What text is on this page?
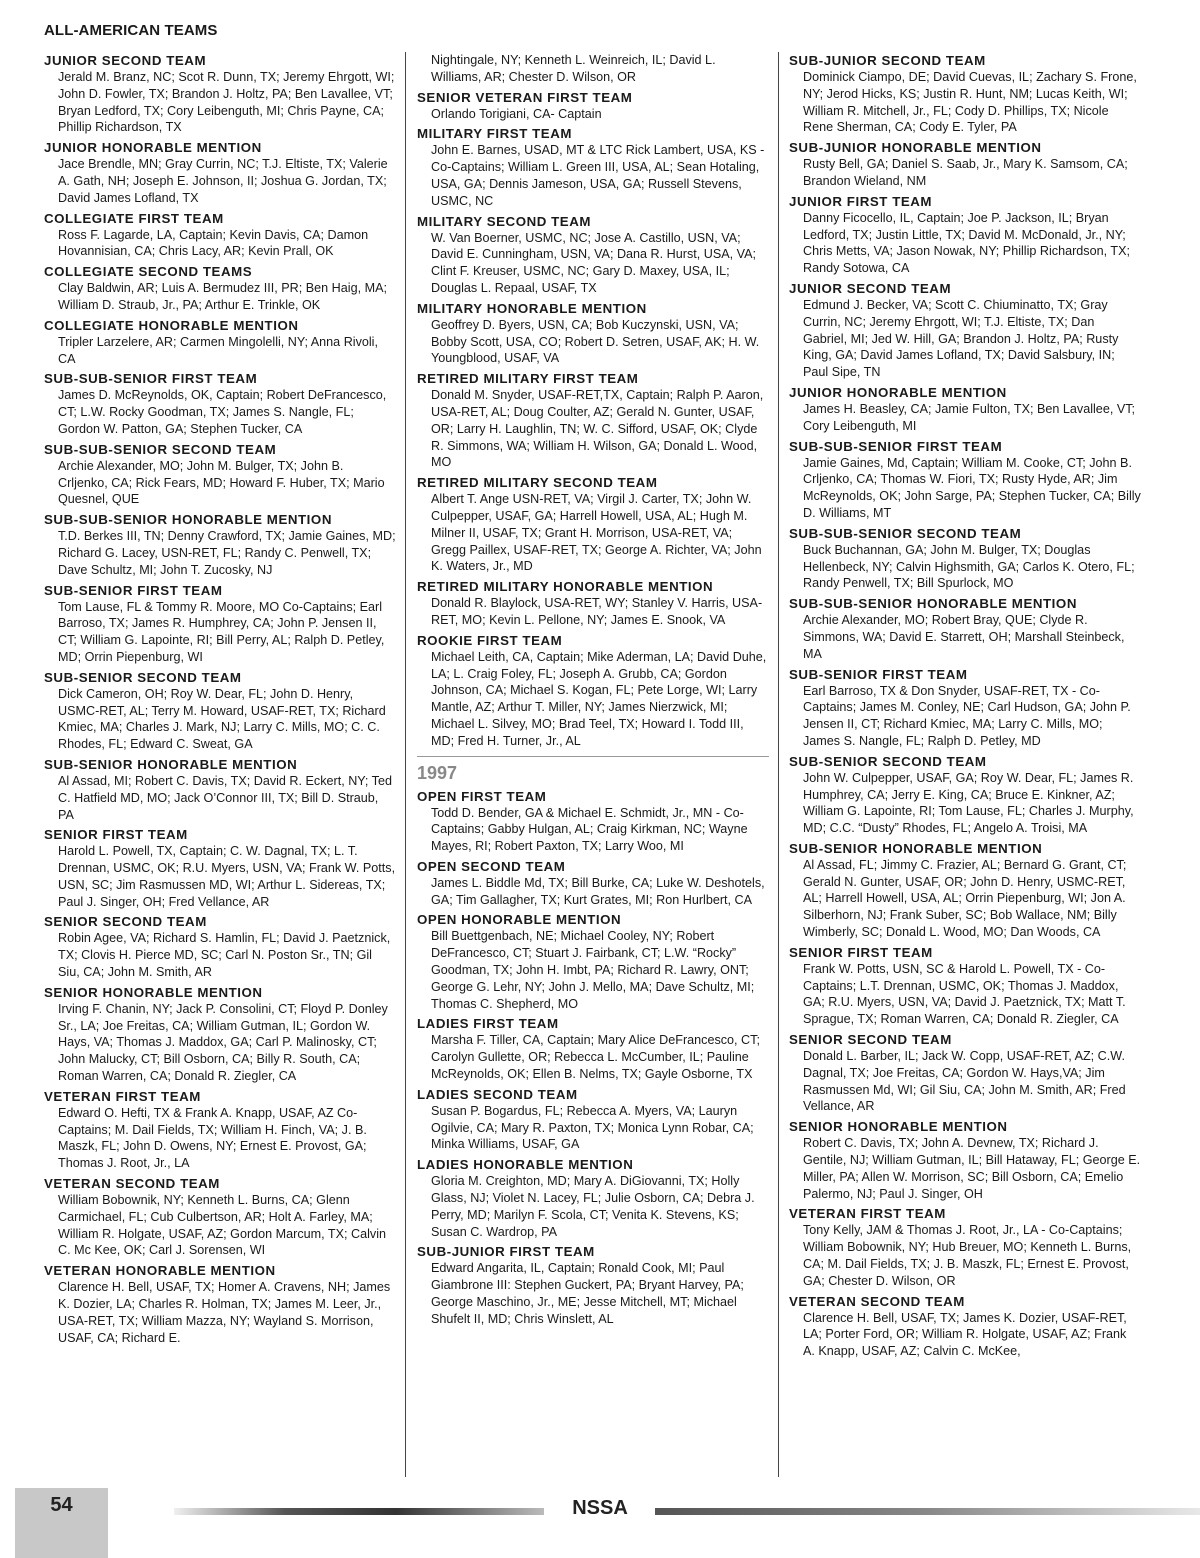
ALL-AMERICAN TEAMS
JUNIOR SECOND TEAM
Jerald M. Branz, NC; Scot R. Dunn, TX; Jeremy Ehrgott, WI; John D. Fowler, TX; Brandon J. Holtz, PA; Ben Lavallee, VT; Bryan Ledford, TX; Cory Leibenguth, MI; Chris Payne, CA; Phillip Richardson, TX
JUNIOR HONORABLE MENTION
Jace Brendle, MN; Gray Currin, NC; T.J. Eltiste, TX; Valerie A. Gath, NH; Joseph E. Johnson, II; Joshua G. Jordan, TX; David James Lofland, TX
COLLEGIATE FIRST TEAM
Ross F. Lagarde, LA, Captain; Kevin Davis, CA; Damon Hovannisian, CA; Chris Lacy, AR; Kevin Prall, OK
COLLEGIATE SECOND TEAMS
Clay Baldwin, AR; Luis A. Bermudez III, PR; Ben Haig, MA; William D. Straub, Jr., PA; Arthur E. Trinkle, OK
COLLEGIATE HONORABLE MENTION
Tripler Larzelere, AR; Carmen Mingolelli, NY; Anna Rivoli, CA
SUB-SUB-SENIOR FIRST TEAM
James D. McReynolds, OK, Captain; Robert DeFrancesco, CT; L.W. Rocky Goodman, TX; James S. Nangle, FL; Gordon W. Patton, GA; Stephen Tucker, CA
SUB-SUB-SENIOR SECOND TEAM
Archie Alexander, MO; John M. Bulger, TX; John B. Crljenko, CA; Rick Fears, MD; Howard F. Huber, TX; Mario Quesnel, QUE
SUB-SUB-SENIOR HONORABLE MENTION
T.D. Berkes III, TN; Denny Crawford, TX; Jamie Gaines, MD; Richard G. Lacey, USN-RET, FL; Randy C. Penwell, TX; Dave Schultz, MI; John T. Zucosky, NJ
SUB-SENIOR FIRST TEAM
Tom Lause, FL & Tommy R. Moore, MO Co-Captains; Earl Barroso, TX; James R. Humphrey, CA; John P. Jensen II, CT; William G. Lapointe, RI; Bill Perry, AL; Ralph D. Petley, MD; Orrin Piepenburg, WI
SUB-SENIOR SECOND TEAM
Dick Cameron, OH; Roy W. Dear, FL; John D. Henry, USMC-RET, AL; Terry M. Howard, USAF-RET, TX; Richard Kmiec, MA; Charles J. Mark, NJ; Larry C. Mills, MO; C. C. Rhodes, FL; Edward C. Sweat, GA
SUB-SENIOR HONORABLE MENTION
Al Assad, MI; Robert C. Davis, TX; David R. Eckert, NY; Ted C. Hatfield MD, MO; Jack O’Connor III, TX; Bill D. Straub, PA
SENIOR FIRST TEAM
Harold L. Powell, TX, Captain; C. W. Dagnal, TX; L. T. Drennan, USMC, OK; R.U. Myers, USN, VA; Frank W. Potts, USN, SC; Jim Rasmussen MD, WI; Arthur L. Sidereas, TX; Paul J. Singer, OH; Fred Vellance, AR
SENIOR SECOND TEAM
Robin Agee, VA; Richard S. Hamlin, FL; David J. Paetznick, TX; Clovis H. Pierce MD, SC; Carl N. Poston Sr., TN; Gil Siu, CA; John M. Smith, AR
SENIOR HONORABLE MENTION
Irving F. Chanin, NY; Jack P. Consolini, CT; Floyd P. Donley Sr., LA; Joe Freitas, CA; William Gutman, IL; Gordon W. Hays, VA; Thomas J. Maddox, GA; Carl P. Malinosky, CT; John Malucky, CT; Bill Osborn, CA; Billy R. South, CA; Roman Warren, CA; Donald R. Ziegler, CA
VETERAN FIRST TEAM
Edward O. Hefti, TX & Frank A. Knapp, USAF, AZ Co-Captains; M. Dail Fields, TX; William H. Finch, VA; J. B. Maszk, FL; John D. Owens, NY; Ernest E. Provost, GA; Thomas J. Root, Jr., LA
VETERAN SECOND TEAM
William Bobownik, NY; Kenneth L. Burns, CA; Glenn Carmichael, FL; Cub Culbertson, AR; Holt A. Farley, MA; William R. Holgate, USAF, AZ; Gordon Marcum, TX; Calvin C. Mc Kee, OK; Carl J. Sorensen, WI
VETERAN HONORABLE MENTION
Clarence H. Bell, USAF, TX; Homer A. Cravens, NH; James K. Dozier, LA; Charles R. Holman, TX; James M. Leer, Jr., USA-RET, TX; William Mazza, NY; Wayland S. Morrison, USAF, CA; Richard E.
Nightingale, NY; Kenneth L. Weinreich, IL; David L. Williams, AR; Chester D. Wilson, OR
SENIOR VETERAN FIRST TEAM
Orlando Torigiani, CA- Captain
MILITARY FIRST TEAM
John E. Barnes, USAD, MT & LTC Rick Lambert, USA, KS - Co-Captains; William L. Green III, USA, AL; Sean Hotaling, USA, GA; Dennis Jameson, USA, GA; Russell Stevens, USMC, NC
MILITARY SECOND TEAM
W. Van Boerner, USMC, NC; Jose A. Castillo, USN, VA; David E. Cunningham, USN, VA; Dana R. Hurst, USA, VA; Clint F. Kreuser, USMC, NC; Gary D. Maxey, USA, IL; Douglas L. Repaal, USAF, TX
MILITARY HONORABLE MENTION
Geoffrey D. Byers, USN, CA; Bob Kuczynski, USN, VA; Bobby Scott, USA, CO; Robert D. Setren, USAF, AK; H. W. Youngblood, USAF, VA
RETIRED MILITARY FIRST TEAM
Donald M. Snyder, USAF-RET,TX, Captain; Ralph P. Aaron, USA-RET, AL; Doug Coulter, AZ; Gerald N. Gunter, USAF, OR; Larry H. Laughlin, TN; W. C. Sifford, USAF, OK; Clyde R. Simmons, WA; William H. Wilson, GA; Donald L. Wood, MO
RETIRED MILITARY SECOND TEAM
Albert T. Ange USN-RET, VA; Virgil J. Carter, TX; John W. Culpepper, USAF, GA; Harrell Howell, USA, AL; Hugh M. Milner II, USAF, TX; Grant H. Morrison, USA-RET, VA; Gregg Paillex, USAF-RET, TX; George A. Richter, VA; John K. Waters, Jr., MD
RETIRED MILITARY HONORABLE MENTION
Donald R. Blaylock, USA-RET, WY; Stanley V. Harris, USA-RET, MO; Kevin L. Pellone, NY; James E. Snook, VA
ROOKIE FIRST TEAM
Michael Leith, CA, Captain; Mike Aderman, LA; David Duhe, LA; L. Craig Foley, FL; Joseph A. Grubb, CA; Gordon Johnson, CA; Michael S. Kogan, FL; Pete Lorge, WI; Larry Mantle, AZ; Arthur T. Miller, NY; James Nierzwick, MI; Michael L. Silvey, MO; Brad Teel, TX; Howard I. Todd III, MD; Fred H. Turner, Jr., AL
1997
OPEN FIRST TEAM
Todd D. Bender, GA & Michael E. Schmidt, Jr., MN - Co-Captains; Gabby Hulgan, AL; Craig Kirkman, NC; Wayne Mayes, RI; Robert Paxton, TX; Larry Woo, MI
OPEN SECOND TEAM
James L. Biddle Md, TX; Bill Burke, CA; Luke W. Deshotels, GA; Tim Gallagher, TX; Kurt Grates, MI; Ron Hurlbert, CA
OPEN HONORABLE MENTION
Bill Buettgenbach, NE; Michael Cooley, NY; Robert DeFrancesco, CT; Stuart J. Fairbank, CT; L.W. “Rocky” Goodman, TX; John H. Imbt, PA; Richard R. Lawry, ONT; George G. Lehr, NY; John J. Mello, MA; Dave Schultz, MI; Thomas C. Shepherd, MO
LADIES FIRST TEAM
Marsha F. Tiller, CA, Captain; Mary Alice DeFrancesco, CT; Carolyn Gullette, OR; Rebecca L. McCumber, IL; Pauline McReynolds, OK; Ellen B. Nelms, TX; Gayle Osborne, TX
LADIES SECOND TEAM
Susan P. Bogardus, FL; Rebecca A. Myers, VA; Lauryn Ogilvie, CA; Mary R. Paxton, TX; Monica Lynn Robar, CA; Minka Williams, USAF, GA
LADIES HONORABLE MENTION
Gloria M. Creighton, MD; Mary A. DiGiovanni, TX; Holly Glass, NJ; Violet N. Lacey, FL; Julie Osborn, CA; Debra J. Perry, MD; Marilyn F. Scola, CT; Venita K. Stevens, KS; Susan C. Wardrop, PA
SUB-JUNIOR FIRST TEAM
Edward Angarita, IL, Captain; Ronald Cook, MI; Paul Giambrone III: Stephen Guckert, PA; Bryant Harvey, PA; George Maschino, Jr., ME; Jesse Mitchell, MT; Michael Shufelt II, MD; Chris Winslett, AL
SUB-JUNIOR SECOND TEAM
Dominick Ciampo, DE; David Cuevas, IL; Zachary S. Frone, NY; Jerod Hicks, KS; Justin R. Hunt, NM; Lucas Keith, WI; William R. Mitchell, Jr., FL; Cody D. Phillips, TX; Nicole Rene Sherman, CA; Cody E. Tyler, PA
SUB-JUNIOR HONORABLE MENTION
Rusty Bell, GA; Daniel S. Saab, Jr., Mary K. Samsom, CA; Brandon Wieland, NM
JUNIOR FIRST TEAM
Danny Ficocello, IL, Captain; Joe P. Jackson, IL; Bryan Ledford, TX; Justin Little, TX; David M. McDonald, Jr., NY; Chris Metts, VA; Jason Nowak, NY; Phillip Richardson, TX; Randy Sotowa, CA
JUNIOR SECOND TEAM
Edmund J. Becker, VA; Scott C. Chiuminatto, TX; Gray Currin, NC; Jeremy Ehrgott, WI; T.J. Eltiste, TX; Dan Gabriel, MI; Jed W. Hill, GA; Brandon J. Holtz, PA; Rusty King, GA; David James Lofland, TX; David Salsbury, IN; Paul Sipe, TN
JUNIOR HONORABLE MENTION
James H. Beasley, CA; Jamie Fulton, TX; Ben Lavallee, VT; Cory Leibenguth, MI
SUB-SUB-SENIOR FIRST TEAM
Jamie Gaines, Md, Captain; William M. Cooke, CT; John B. Crljenko, CA; Thomas W. Fiori, TX; Rusty Hyde, AR; Jim McReynolds, OK; John Sarge, PA; Stephen Tucker, CA; Billy D. Williams, MT
SUB-SUB-SENIOR SECOND TEAM
Buck Buchannan, GA; John M. Bulger, TX; Douglas Hellenbeck, NY; Calvin Highsmith, GA; Carlos K. Otero, FL; Randy Penwell, TX; Bill Spurlock, MO
SUB-SUB-SENIOR HONORABLE MENTION
Archie Alexander, MO; Robert Bray, QUE; Clyde R. Simmons, WA; David E. Starrett, OH; Marshall Steinbeck, MA
SUB-SENIOR FIRST TEAM
Earl Barroso, TX & Don Snyder, USAF-RET, TX - Co-Captains; James M. Conley, NE; Carl Hudson, GA; John P. Jensen II, CT; Richard Kmiec, MA; Larry C. Mills, MO; James S. Nangle, FL; Ralph D. Petley, MD
SUB-SENIOR SECOND TEAM
John W. Culpepper, USAF, GA; Roy W. Dear, FL; James R. Humphrey, CA; Jerry E. King, CA; Bruce E. Kinkner, AZ; William G. Lapointe, RI; Tom Lause, FL; Charles J. Murphy, MD; C.C. “Dusty” Rhodes, FL; Angelo A. Troisi, MA
SUB-SENIOR HONORABLE MENTION
Al Assad, FL; Jimmy C. Frazier, AL; Bernard G. Grant, CT; Gerald N. Gunter, USAF, OR; John D. Henry, USMC-RET, AL; Harrell Howell, USA, AL; Orrin Piepenburg, WI; Jon A. Silberhorn, NJ; Frank Suber, SC; Bob Wallace, NM; Billy Wimberly, SC; Donald L. Wood, MO; Dan Woods, CA
SENIOR FIRST TEAM
Frank W. Potts, USN, SC & Harold L. Powell, TX - Co-Captains; L.T. Drennan, USMC, OK; Thomas J. Maddox, GA; R.U. Myers, USN, VA; David J. Paetznick, TX; Matt T. Sprague, TX; Roman Warren, CA; Donald R. Ziegler, CA
SENIOR SECOND TEAM
Donald L. Barber, IL; Jack W. Copp, USAF-RET, AZ; C.W. Dagnal, TX; Joe Freitas, CA; Gordon W. Hays,VA; Jim Rasmussen Md, WI; Gil Siu, CA; John M. Smith, AR; Fred Vellance, AR
SENIOR HONORABLE MENTION
Robert C. Davis, TX; John A. Devnew, TX; Richard J. Gentile, NJ; William Gutman, IL; Bill Hataway, FL; George E. Miller, PA; Allen W. Morrison, SC; Bill Osborn, CA; Emelio Palermo, NJ; Paul J. Singer, OH
VETERAN FIRST TEAM
Tony Kelly, JAM & Thomas J. Root, Jr., LA - Co-Captains; William Bobownik, NY; Hub Breuer, MO; Kenneth L. Burns, CA; M. Dail Fields, TX; J. B. Maszk, FL; Ernest E. Provost, GA; Chester D. Wilson, OR
VETERAN SECOND TEAM
Clarence H. Bell, USAF, TX; James K. Dozier, USAF-RET, LA; Porter Ford, OR; William R. Holgate, USAF, AZ; Frank A. Knapp, USAF, AZ; Calvin C. McKee,
54	NSSA
